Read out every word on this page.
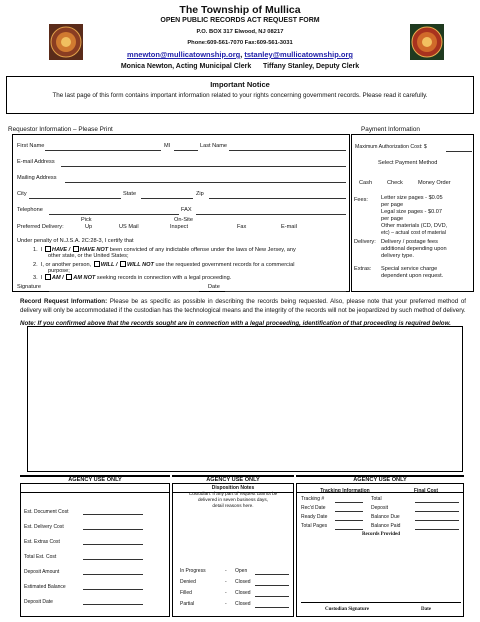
The Township of Mullica
OPEN PUBLIC RECORDS ACT REQUEST FORM
P.O. BOX 317 Elwood, NJ 08217
Phone:609-561-7070 Fax:609-561-3031
mnewton@mullicatownship.org, tstanley@mullicatownship.org
Monica Newton, Acting Municipal Clerk Tiffany Stanley, Deputy Clerk
Important Notice
The last page of this form contains important information related to your rights concerning government records. Please read it carefully.
Requestor Information – Please Print	Payment Information
First Name	MI	Last Name
E-mail Address
Mailing Address
City	State	Zip
Telephone	FAX
Pick	On-Site
Preferred Delivery:	Up	US Mail	Inspect	Fax	E-mail
Under penalty of N.J.S.A. 2C:28-3, I certify that
1. I HAVE / HAVE NOT been convicted of any indictable offense under the laws of New Jersey, any
other state, or the United States;
2. I, or another person, WILL / WILL NOT use the requested government records for a commercial
purpose;
3. I AM / AM NOT seeking records in connection with a legal proceeding.
Signature	Date
Maximum Authorization Cost: $
Select Payment Method
Cash	Check	Money Order
Fees: Letter size pages - $0.05
per page
Legal size pages - $0.07
per page
Other materials (CD, DVD,
etc) – actual cost of material
Delivery: Delivery / postage fees
additional depending upon
delivery type.
Extras: Special service charge
dependent upon request.
Record Request Information: Please be as specific as possible in describing the records being requested. Also, please note that your preferred method of delivery will only be accommodated if the custodian has the technological means and the integrity of the records will not be jeopardized by such method of delivery.
Note: If you confirmed above that the records sought are in connection with a legal proceeding, identification of that proceeding is required below.
AGENCY USE ONLY	AGENCY USE ONLY	AGENCY USE ONLY
Est. Document Cost
Est. Delivery Cost
Est. Extras Cost
Total Est. Cost
Deposit Amount
Estimated Balance
Deposit Date
Disposition Notes
Custodian: If any part of request cannot be
delivered in seven business days,
detail reasons here.
In Progress	- Open
Denied	- Closed
Filled	- Closed
Partial	- Closed
Tracking Information	Final Cost
Tracking #
Rec'd Date
Ready Date
Total Pages
Total
Deposit
Balance Due
Balance Paid
Records Provided
Custodian Signature	Date
